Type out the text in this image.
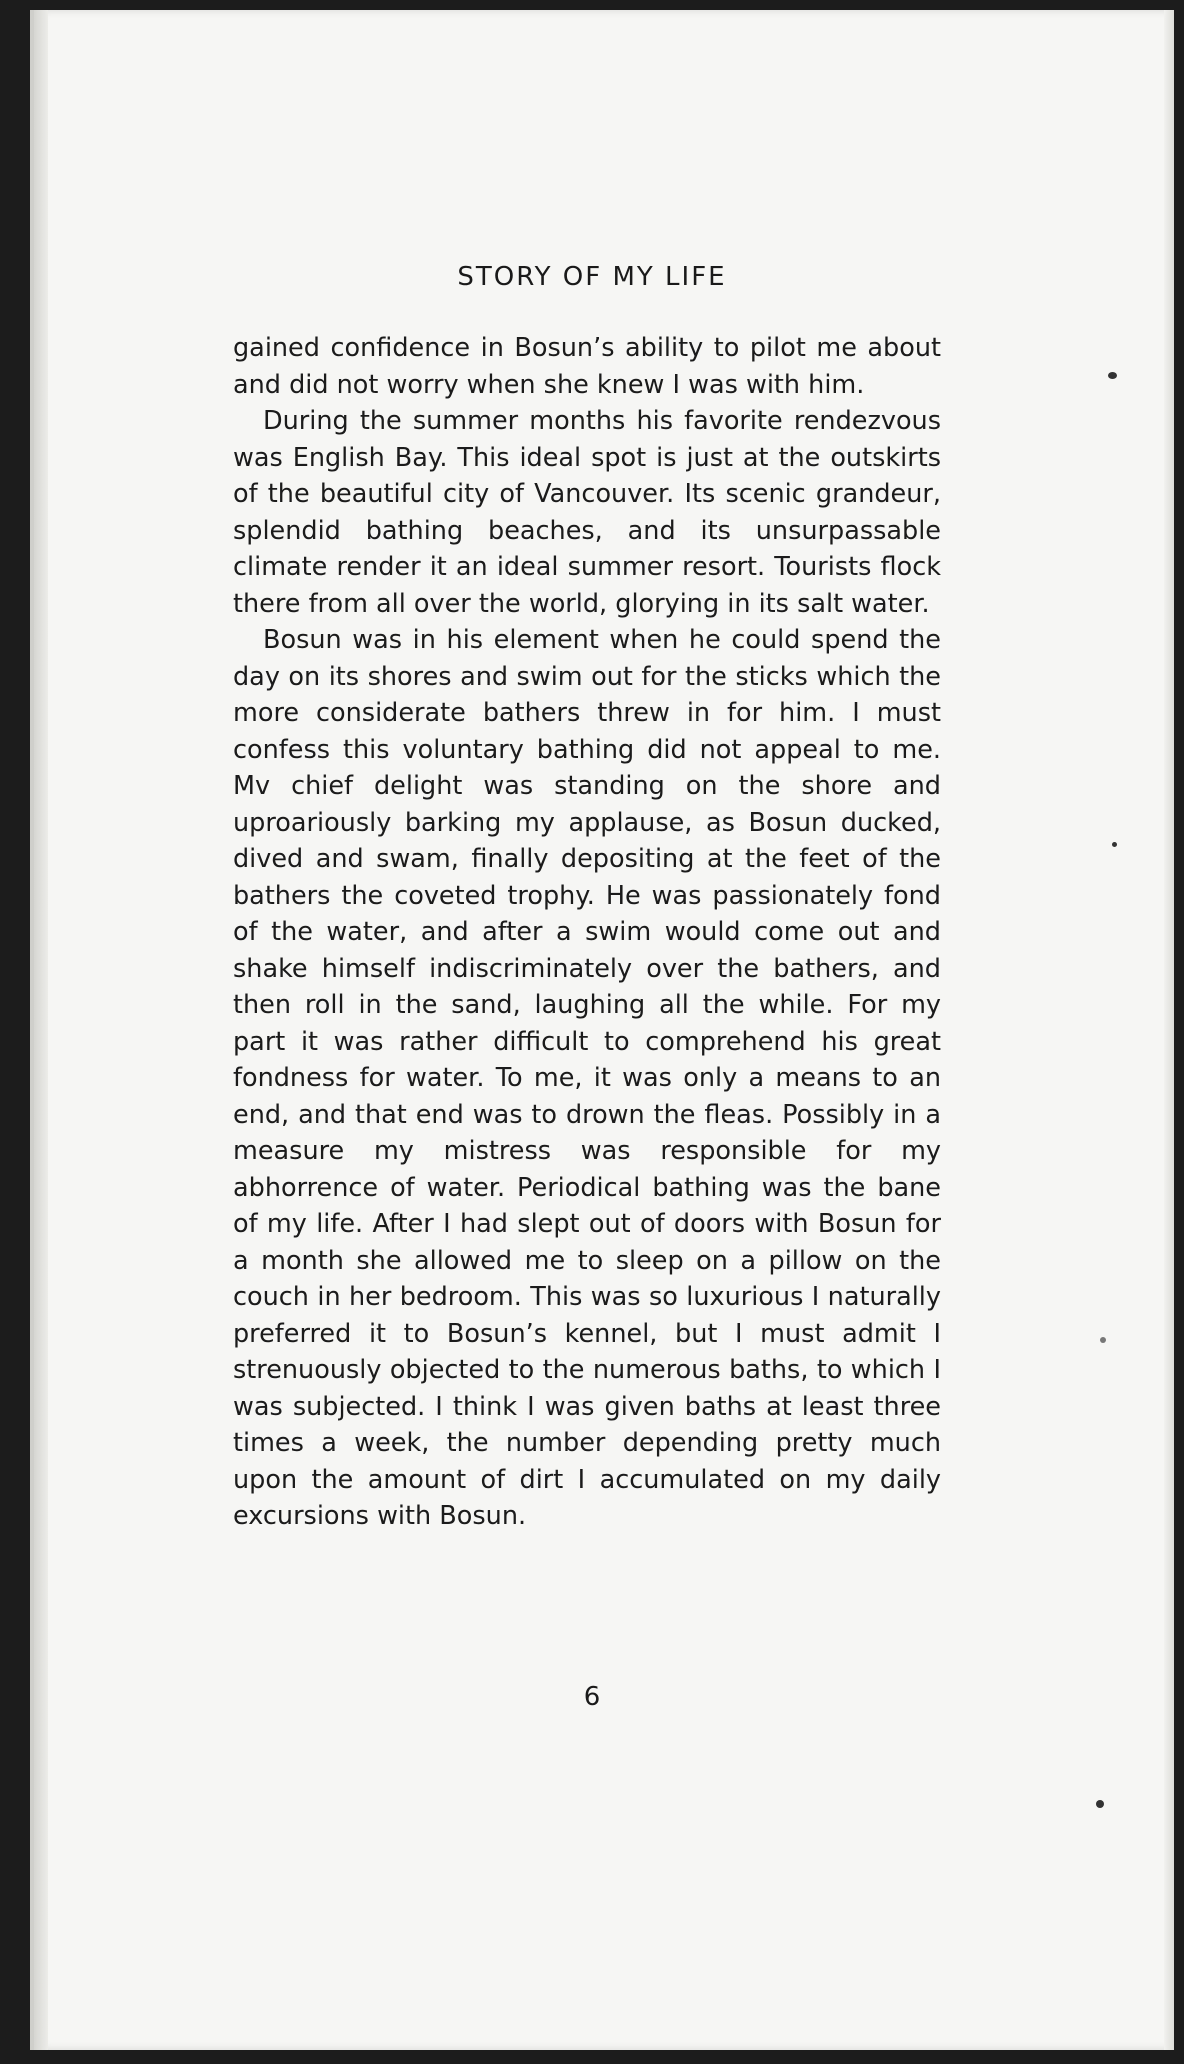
STORY OF MY LIFE

gained confidence in Bosun’s ability to pilot me about and did not worry when she knew I was with him.

During the summer months his favorite rendezvous was English Bay. This ideal spot is just at the outskirts of the beautiful city of Vancouver. Its scenic grandeur, splendid bathing beaches, and its unsurpassable climate render it an ideal summer resort. Tourists flock there from all over the world, glorying in its salt water.

Bosun was in his element when he could spend the day on its shores and swim out for the sticks which the more considerate bathers threw in for him. I must confess this voluntary bathing did not appeal to me. Mv chief delight was standing on the shore and uproariously barking my applause, as Bosun ducked, dived and swam, finally depositing at the feet of the bathers the coveted trophy. He was passionately fond of the water, and after a swim would come out and shake himself indiscriminately over the bathers, and then roll in the sand, laughing all the while. For my part it was rather difficult to comprehend his great fondness for water. To me, it was only a means to an end, and that end was to drown the fleas. Possibly in a measure my mistress was responsible for my abhorrence of water. Periodical bathing was the bane of my life. After I had slept out of doors with Bosun for a month she allowed me to sleep on a pillow on the couch in her bedroom. This was so luxurious I naturally preferred it to Bosun’s kennel, but I must admit I strenuously objected to the numerous baths, to which I was subjected. I think I was given baths at least three times a week, the number depending pretty much upon the amount of dirt I accumulated on my daily excursions with Bosun.

6
